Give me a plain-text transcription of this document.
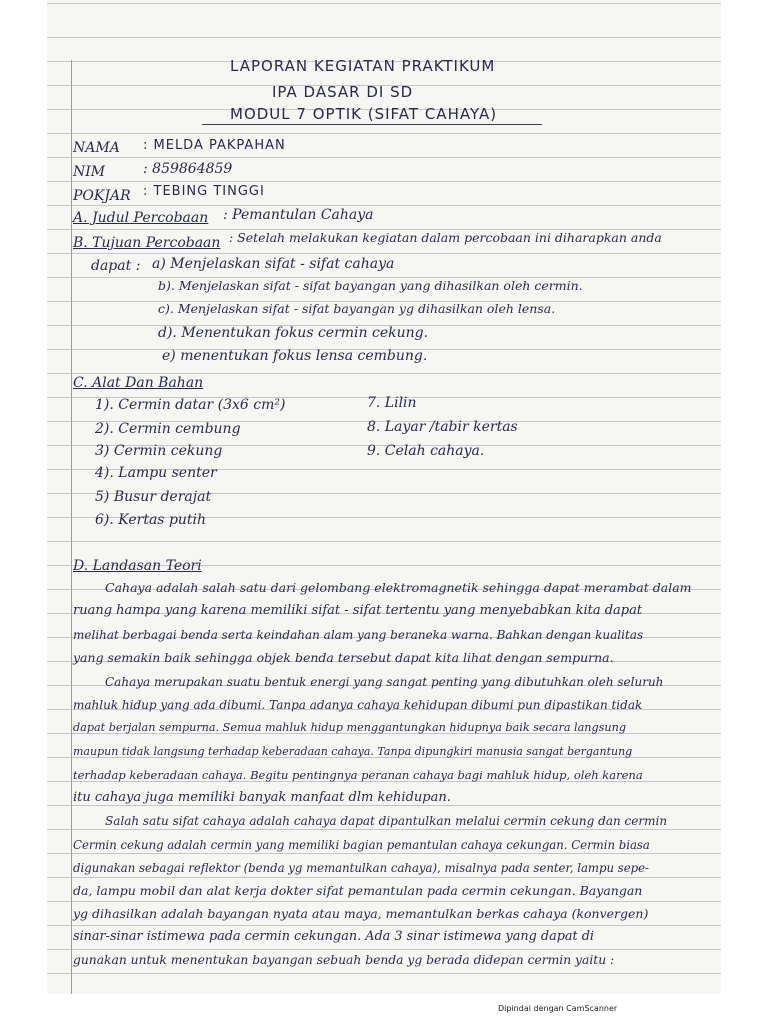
LAPORAN KEGIATAN PRAKTIKUM
IPA DASAR DI SD
MODUL 7 OPTIK (SIFAT CAHAYA)
NAMA : MELDA PAKPAHAN
NIM	: 859864859
POKJAR : TEBING TINGGI
A. Judul Percobaan : Pemantulan Cahaya
B. Tujuan Percobaan : Setelah melakukan kegiatan dalam percobaan ini diharapkan anda
dapat : a) Menjelaskan sifat - sifat cahaya
b). Menjelaskan sifat - sifat bayangan yang dihasilkan oleh cermin.
c). Menjelaskan sifat - sifat bayangan yg dihasilkan oleh lensa.
d). Menentukan fokus cermin cekung.
e) menentukan fokus lensa cembung.
C. Alat Dan Bahan
1). Cermin datar (3x6 cm²)
2). Cermin cembung
3) Cermin cekung
4). Lampu senter
5) Busur derajat
6). Kertas putih
7. Lilin
8. Layar /tabir kertas
9. Celah cahaya.
D. Landasan Teori
Cahaya adalah salah satu dari gelombang elektromagnetik sehingga dapat merambat dalam
ruang hampa yang karena memiliki sifat - sifat tertentu yang menyebabkan kita dapat
melihat berbagai benda serta keindahan alam yang beraneka warna. Bahkan dengan kualitas
yang semakin baik sehingga objek benda tersebut dapat kita lihat dengan sempurna.
Cahaya merupakan suatu bentuk energi yang sangat penting yang dibutuhkan oleh seluruh
mahluk hidup yang ada dibumi. Tanpa adanya cahaya kehidupan dibumi pun dipastikan tidak
dapat berjalan sempurna. Semua mahluk hidup menggantungkan hidupnya baik secara langsung
maupun tidak langsung terhadap keberadaan cahaya. Tanpa dipungkiri manusia sangat bergantung
terhadap keberadaan cahaya. Begitu pentingnya peranan cahaya bagi mahluk hidup, oleh karena
itu cahaya juga memiliki banyak manfaat dlm kehidupan.
Salah satu sifat cahaya adalah cahaya dapat dipantulkan melalui cermin cekung dan cermin
Cermin cekung adalah cermin yang memiliki bagian pemantulan cahaya cekungan. Cermin biasa
digunakan sebagai reflektor (benda yg memantulkan cahaya), misalnya pada senter, lampu sepe-
da, lampu mobil dan alat kerja dokter sifat pemantulan pada cermin cekungan. Bayangan
yg dihasilkan adalah bayangan nyata atau maya, memantulkan berkas cahaya (konvergen)
sinar-sinar istimewa pada cermin cekungan. Ada 3 sinar istimewa yang dapat di
gunakan untuk menentukan bayangan sebuah benda yg berada didepan cermin yaitu :
Dipindai dengan CamScanner
